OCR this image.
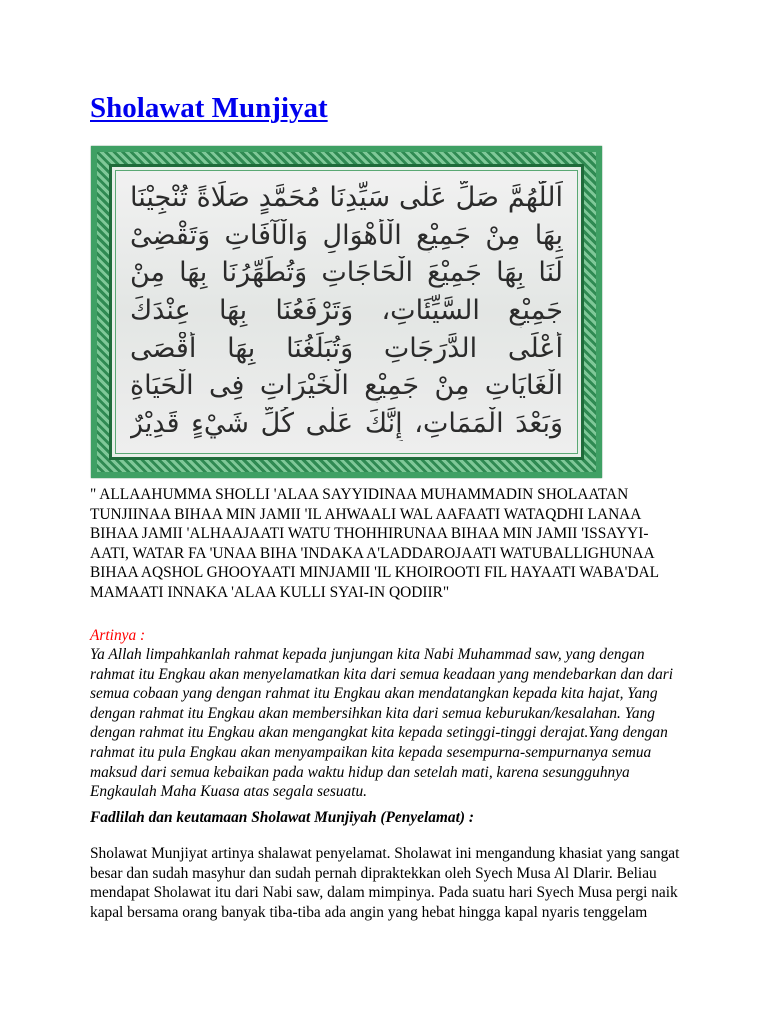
Sholawat Munjiyat
اَللّٰهُمَّ صَلِّ عَلٰى سَيِّدِنَا مُحَمَّدٍ صَلَاةً تُنْجِيْنَا
بِهَا مِنْ جَمِيْعِ الْأَهْوَالِ وَالْآفَاتِ وَتَقْضِىْ
لَنَا بِهَا جَمِيْعَ الْحَاجَاتِ وَتُطَهِّرُنَا بِهَا مِنْ
جَمِيْعِ السَّيِّئَاتِ، وَتَرْفَعُنَا بِهَا عِنْدَكَ
أَعْلَى الدَّرَجَاتِ وَتُبَلِّغُنَا بِهَا أَقْصَى
الْغَايَاتِ مِنْ جَمِيْعِ الْخَيْرَاتِ فِى الْحَيَاةِ
وَبَعْدَ الْمَمَاتِ، إِنَّكَ عَلٰى كُلِّ شَيْءٍ قَدِيْرٌ

" ALLAAHUMMA SHOLLI 'ALAA SAYYIDINAA MUHAMMADIN SHOLAATAN
TUNJIINAA BIHAA MIN JAMII 'IL AHWAALI WAL AAFAATI WATAQDHI LANAA
BIHAA JAMII 'ALHAAJAATI WATU THOHHIRUNAA BIHAA MIN JAMII 'ISSAYYI-
AATI, WATAR FA 'UNAA BIHA 'INDAKA A'LADDAROJAATI WATUBALLIGHUNAA
BIHAA AQSHOL GHOOYAATI MINJAMII 'IL KHOIROOTI FIL HAYAATI WABA'DAL
MAMAATI INNAKA 'ALAA KULLI SYAI-IN QODIIR"

Artinya :

Ya Allah limpahkanlah rahmat kepada junjungan kita Nabi Muhammad saw, yang dengan
rahmat itu Engkau akan menyelamatkan kita dari semua keadaan yang mendebarkan dan dari
semua cobaan yang dengan rahmat itu Engkau akan mendatangkan kepada kita hajat, Yang
dengan rahmat itu Engkau akan membersihkan kita dari semua keburukan/kesalahan. Yang
dengan rahmat itu Engkau akan mengangkat kita kepada setinggi-tinggi derajat.Yang dengan
rahmat itu pula Engkau akan menyampaikan kita kepada sesempurna-sempurnanya semua
maksud dari semua kebaikan pada waktu hidup dan setelah mati, karena sesungguhnya
Engkaulah Maha Kuasa atas segala sesuatu.

Fadlilah dan keutamaan Sholawat Munjiyah (Penyelamat) :

Sholawat Munjiyat artinya shalawat penyelamat. Sholawat ini mengandung khasiat yang sangat
besar dan sudah masyhur dan sudah pernah dipraktekkan oleh Syech Musa Al Dlarir. Beliau
mendapat Sholawat itu dari Nabi saw, dalam mimpinya. Pada suatu hari Syech Musa pergi naik
kapal bersama orang banyak tiba-tiba ada angin yang hebat hingga kapal nyaris tenggelam
